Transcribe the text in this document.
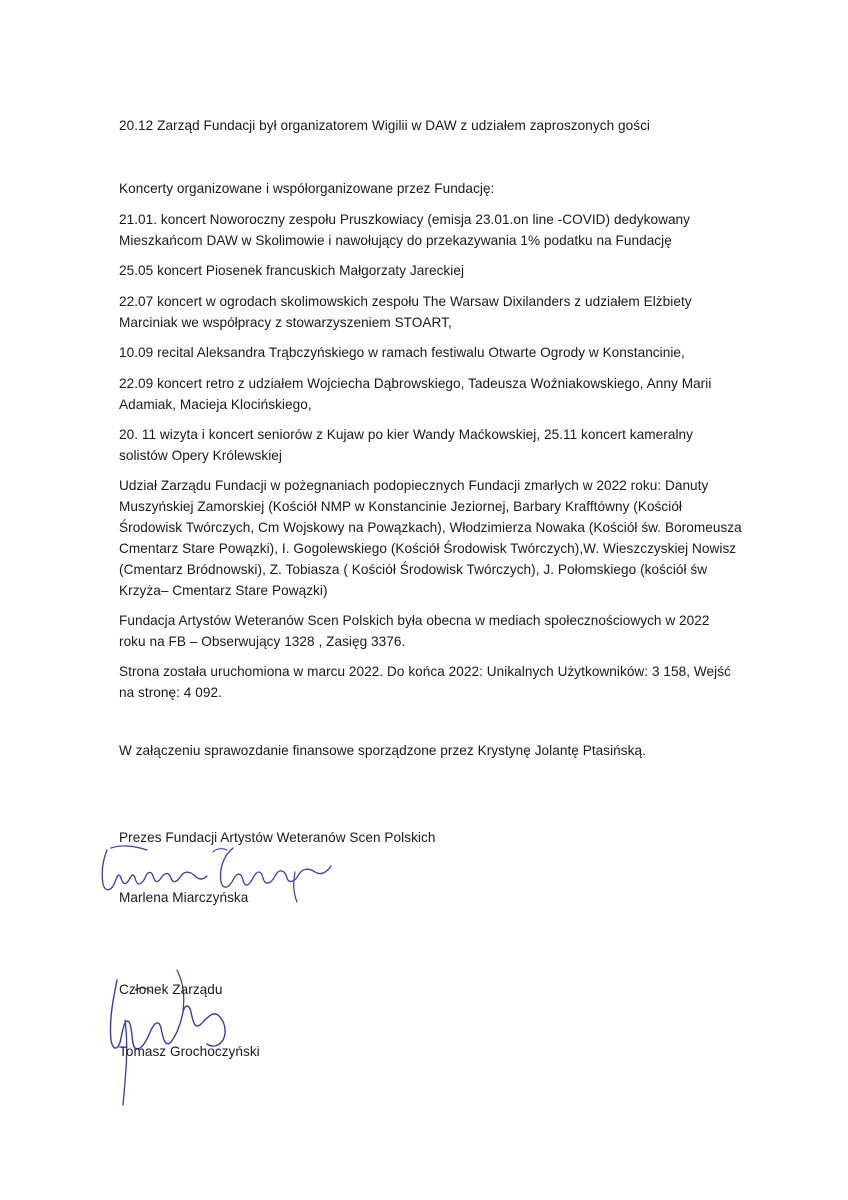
20.12 Zarząd Fundacji był organizatorem Wigilii w DAW z udziałem zaproszonych gości
Koncerty organizowane i współorganizowane przez Fundację:
21.01. koncert Noworoczny zespołu Pruszkowiacy (emisja 23.01.on line -COVID) dedykowany
Mieszkańcom DAW w Skolimowie i nawołujący do przekazywania 1% podatku na Fundację
25.05 koncert Piosenek francuskich Małgorzaty Jareckiej
22.07 koncert w ogrodach skolimowskich zespołu The Warsaw Dixilanders z udziałem Elżbiety
Marciniak we współpracy z stowarzyszeniem STOART,
10.09 recital Aleksandra Trąbczyńskiego w ramach festiwalu Otwarte Ogrody w Konstancinie,
22.09 koncert retro z udziałem Wojciecha Dąbrowskiego, Tadeusza Woźniakowskiego, Anny Marii
Adamiak, Macieja Klocińskiego,
20. 11 wizyta i koncert seniorów z Kujaw po kier Wandy Maćkowskiej, 25.11 koncert kameralny
solistów Opery Królewskiej
Udział Zarządu Fundacji w pożegnaniach podopiecznych Fundacji zmarłych w 2022 roku: Danuty
Muszyńskiej Zamorskiej (Kościół NMP w Konstancinie Jeziornej, Barbary Krafftówny (Kościół
Środowisk Twórczych, Cm Wojskowy na Powązkach), Włodzimierza Nowaka (Kościół św. Boromeusza
Cmentarz Stare Powązki), I. Gogolewskiego (Kościół Środowisk Twórczych),W. Wieszczyskiej Nowisz
(Cmentarz Bródnowski), Z. Tobiasza ( Kościół Środowisk Twórczych), J. Połomskiego (kościół św
Krzyża– Cmentarz Stare Powązki)
Fundacja Artystów Weteranów Scen Polskich była obecna w mediach społecznościowych w 2022
roku na FB – Obserwujący 1328 , Zasięg 3376.
Strona została uruchomiona w marcu 2022. Do końca 2022: Unikalnych Użytkowników: 3 158, Wejść
na stronę: 4 092.
W załączeniu sprawozdanie finansowe sporządzone przez Krystynę Jolantę Ptasińską.
Prezes Fundacji Artystów Weteranów Scen Polskich
Marlena Miarczyńska
Członek Zarządu
Tomasz Grochoczyński
